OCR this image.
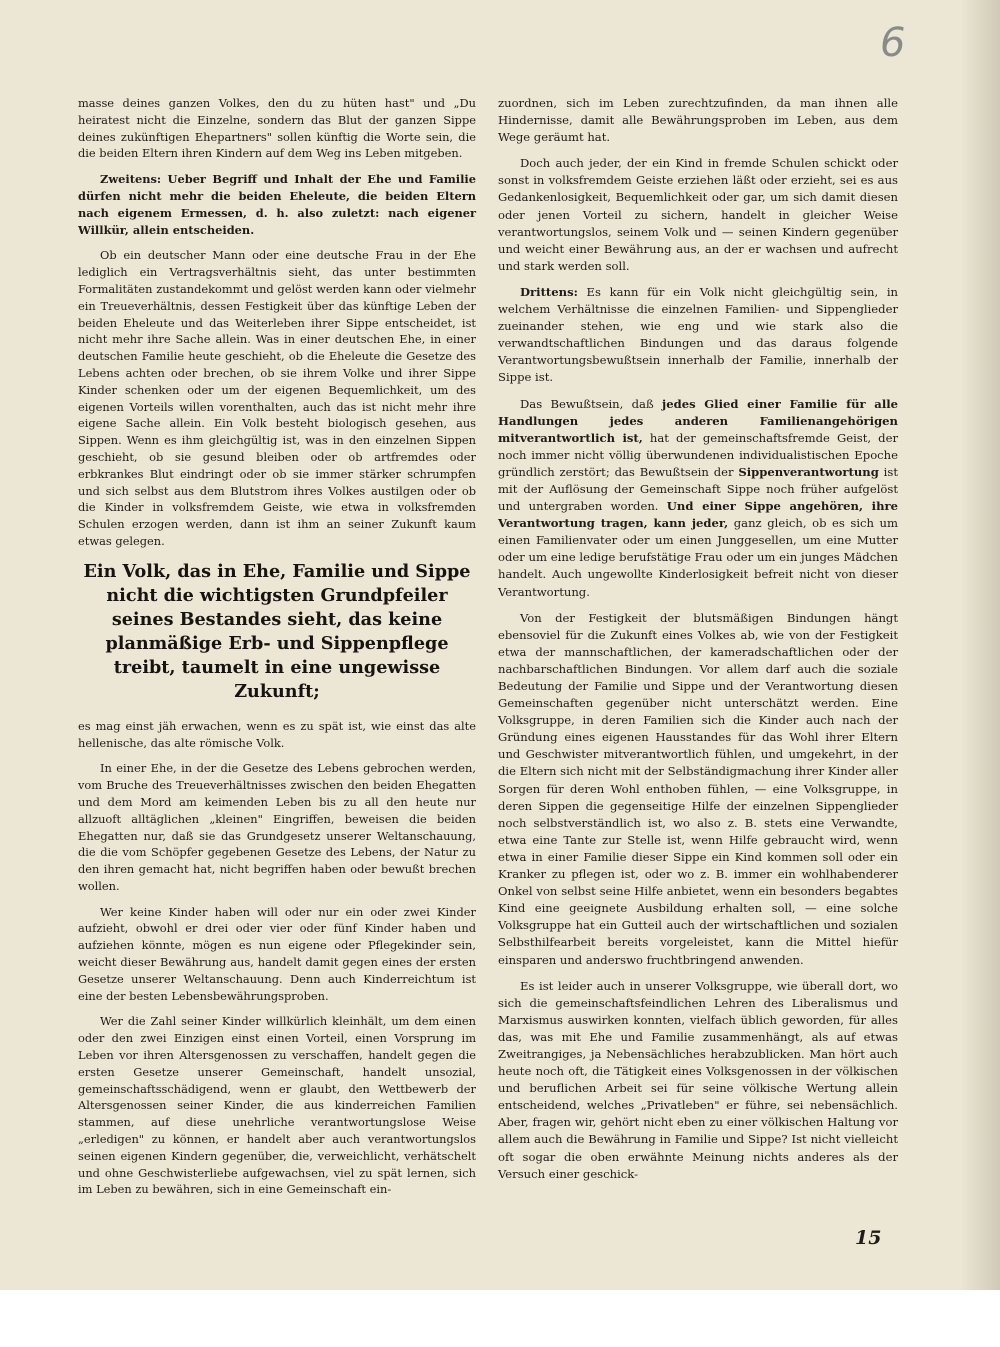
6

masse deines ganzen Volkes, den du zu hüten hast" und „Du heiratest nicht die Einzelne, sondern das Blut der ganzen Sippe deines zukünftigen Ehepartners" sollen künftig die Worte sein, die die beiden Eltern ihren Kindern auf dem Weg ins Leben mitgeben.

Zweitens: Ueber Begriff und Inhalt der Ehe und Familie dürfen nicht mehr die beiden Eheleute, die beiden Eltern nach eigenem Ermessen, d. h. also zuletzt: nach eigener Willkür, allein entscheiden.

Ob ein deutscher Mann oder eine deutsche Frau in der Ehe lediglich ein Vertragsverhältnis sieht, das unter bestimmten Formalitäten zustandekommt und gelöst werden kann oder vielmehr ein Treueverhältnis, dessen Festigkeit über das künftige Leben der beiden Eheleute und das Weiterleben ihrer Sippe entscheidet, ist nicht mehr ihre Sache allein. Was in einer deutschen Ehe, in einer deutschen Familie heute geschieht, ob die Eheleute die Gesetze des Lebens achten oder brechen, ob sie ihrem Volke und ihrer Sippe Kinder schenken oder um der eigenen Bequemlichkeit, um des eigenen Vorteils willen vorenthalten, auch das ist nicht mehr ihre eigene Sache allein. Ein Volk besteht biologisch gesehen, aus Sippen. Wenn es ihm gleichgültig ist, was in den einzelnen Sippen geschieht, ob sie gesund bleiben oder ob artfremdes oder erbkrankes Blut eindringt oder ob sie immer stärker schrumpfen und sich selbst aus dem Blutstrom ihres Volkes austilgen oder ob die Kinder in volksfremdem Geiste, wie etwa in volksfremden Schulen erzogen werden, dann ist ihm an seiner Zukunft kaum etwas gelegen.

Ein Volk, das in Ehe, Familie und Sippe nicht die wichtigsten Grundpfeiler seines Bestandes sieht, das keine planmäßige Erb- und Sippenpflege treibt, taumelt in eine ungewisse Zukunft;

es mag einst jäh erwachen, wenn es zu spät ist, wie einst das alte hellenische, das alte römische Volk.

In einer Ehe, in der die Gesetze des Lebens gebrochen werden, vom Bruche des Treueverhältnisses zwischen den beiden Ehegatten und dem Mord am keimenden Leben bis zu all den heute nur allzuoft alltäglichen „kleinen" Eingriffen, beweisen die beiden Ehegatten nur, daß sie das Grundgesetz unserer Weltanschauung, die die vom Schöpfer gegebenen Gesetze des Lebens, der Natur zu den ihren gemacht hat, nicht begriffen haben oder bewußt brechen wollen.

Wer keine Kinder haben will oder nur ein oder zwei Kinder aufzieht, obwohl er drei oder vier oder fünf Kinder haben und aufziehen könnte, mögen es nun eigene oder Pflegekinder sein, weicht dieser Bewährung aus, handelt damit gegen eines der ersten Gesetze unserer Weltanschauung. Denn auch Kinderreichtum ist eine der besten Lebensbewährungsproben.

Wer die Zahl seiner Kinder willkürlich kleinhält, um dem einen oder den zwei Einzigen einst einen Vorteil, einen Vorsprung im Leben vor ihren Altersgenossen zu verschaffen, handelt gegen die ersten Gesetze unserer Gemeinschaft, handelt unsozial, gemeinschaftsschädigend, wenn er glaubt, den Wettbewerb der Altersgenossen seiner Kinder, die aus kinderreichen Familien stammen, auf diese unehrliche verantwortungslose Weise „erledigen" zu können, er handelt aber auch verantwortungslos seinen eigenen Kindern gegenüber, die, verweichlicht, verhätschelt und ohne Geschwisterliebe aufgewachsen, viel zu spät lernen, sich im Leben zu bewähren, sich in eine Gemeinschaft ein-

zuordnen, sich im Leben zurechtzufinden, da man ihnen alle Hindernisse, damit alle Bewährungsproben im Leben, aus dem Wege geräumt hat.

Doch auch jeder, der ein Kind in fremde Schulen schickt oder sonst in volksfremdem Geiste erziehen läßt oder erzieht, sei es aus Gedankenlosigkeit, Bequemlichkeit oder gar, um sich damit diesen oder jenen Vorteil zu sichern, handelt in gleicher Weise verantwortungslos, seinem Volk und — seinen Kindern gegenüber und weicht einer Bewährung aus, an der er wachsen und aufrecht und stark werden soll.

Drittens: Es kann für ein Volk nicht gleichgültig sein, in welchem Verhältnisse die einzelnen Familien- und Sippenglieder zueinander stehen, wie eng und wie stark also die verwandtschaftlichen Bindungen und das daraus folgende Verantwortungsbewußtsein innerhalb der Familie, innerhalb der Sippe ist.

Das Bewußtsein, daß jedes Glied einer Familie für alle Handlungen jedes anderen Familienangehörigen mitverantwortlich ist, hat der gemeinschaftsfremde Geist, der noch immer nicht völlig überwundenen individualistischen Epoche gründlich zerstört; das Bewußtsein der Sippenverantwortung ist mit der Auflösung der Gemeinschaft Sippe noch früher aufgelöst und untergraben worden. Und einer Sippe angehören, ihre Verantwortung tragen, kann jeder, ganz gleich, ob es sich um einen Familienvater oder um einen Junggesellen, um eine Mutter oder um eine ledige berufstätige Frau oder um ein junges Mädchen handelt. Auch ungewollte Kinderlosigkeit befreit nicht von dieser Verantwortung.

Von der Festigkeit der blutsmäßigen Bindungen hängt ebensoviel für die Zukunft eines Volkes ab, wie von der Festigkeit etwa der mannschaftlichen, der kameradschaftlichen oder der nachbarschaftlichen Bindungen. Vor allem darf auch die soziale Bedeutung der Familie und Sippe und der Verantwortung diesen Gemeinschaften gegenüber nicht unterschätzt werden. Eine Volksgruppe, in deren Familien sich die Kinder auch nach der Gründung eines eigenen Hausstandes für das Wohl ihrer Eltern und Geschwister mitverantwortlich fühlen, und umgekehrt, in der die Eltern sich nicht mit der Selbständigmachung ihrer Kinder aller Sorgen für deren Wohl enthoben fühlen, — eine Volksgruppe, in deren Sippen die gegenseitige Hilfe der einzelnen Sippenglieder noch selbstverständlich ist, wo also z. B. stets eine Verwandte, etwa eine Tante zur Stelle ist, wenn Hilfe gebraucht wird, wenn etwa in einer Familie dieser Sippe ein Kind kommen soll oder ein Kranker zu pflegen ist, oder wo z. B. immer ein wohlhabenderer Onkel von selbst seine Hilfe anbietet, wenn ein besonders begabtes Kind eine geeignete Ausbildung erhalten soll, — eine solche Volksgruppe hat ein Gutteil auch der wirtschaftlichen und sozialen Selbsthilfearbeit bereits vorgeleistet, kann die Mittel hiefür einsparen und anderswo fruchtbringend anwenden.

Es ist leider auch in unserer Volksgruppe, wie überall dort, wo sich die gemeinschaftsfeindlichen Lehren des Liberalismus und Marxismus auswirken konnten, vielfach üblich geworden, für alles das, was mit Ehe und Familie zusammenhängt, als auf etwas Zweitrangiges, ja Nebensächliches herabzublicken. Man hört auch heute noch oft, die Tätigkeit eines Volksgenossen in der völkischen und beruflichen Arbeit sei für seine völkische Wertung allein entscheidend, welches „Privatleben" er führe, sei nebensächlich. Aber, fragen wir, gehört nicht eben zu einer völkischen Haltung vor allem auch die Bewährung in Familie und Sippe? Ist nicht vielleicht oft sogar die oben erwähnte Meinung nichts anderes als der Versuch einer geschick-

15
